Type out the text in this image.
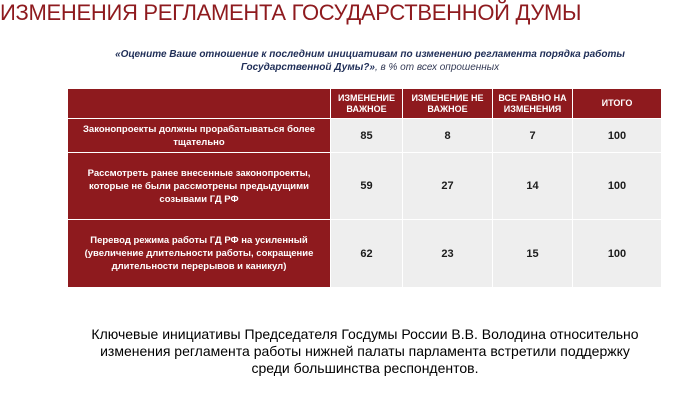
ИЗМЕНЕНИЯ РЕГЛАМЕНТА ГОСУДАРСТВЕННОЙ ДУМЫ
«Оцените Ваше отношение к последним инициативам по изменению регламента порядка работы Государственной Думы?», в % от всех опрошенных
	ИЗМЕНЕНИЕ ВАЖНОЕ	ИЗМЕНЕНИЕ НЕ ВАЖНОЕ	ВСЕ РАВНО НА ИЗМЕНЕНИЯ	ИТОГО
Законопроекты должны прорабатываться более тщательно	85	8	7	100
Рассмотреть ранее внесенные законопроекты, которые не были рассмотрены предыдущими созывами ГД РФ	59	27	14	100
Перевод режима работы ГД РФ на усиленный (увеличение длительности работы, сокращение длительности перерывов и каникул)	62	23	15	100

Ключевые инициативы Председателя Госдумы России В.В. Володина относительно изменения регламента работы нижней палаты парламента встретили поддержку среди большинства респондентов.
